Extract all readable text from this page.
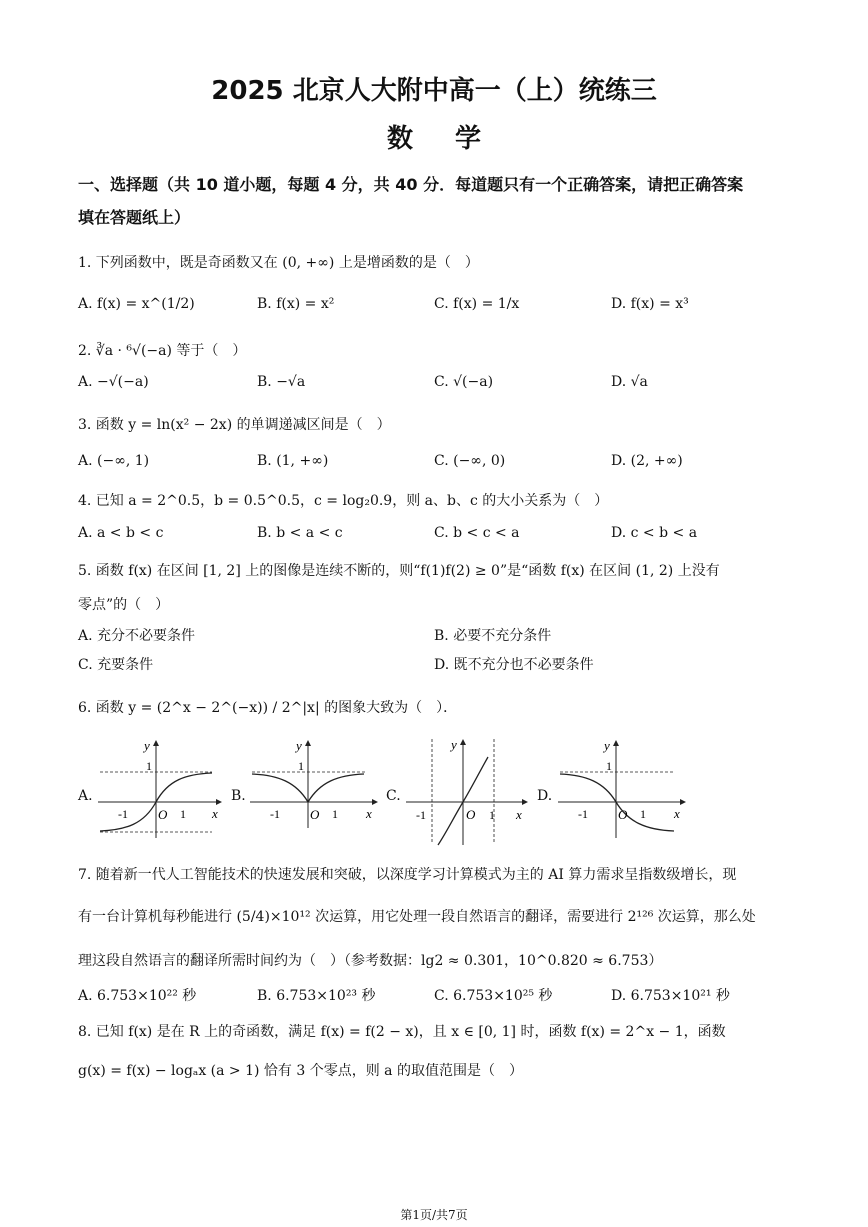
2025 北京人大附中高一（上）统练三
数学
一、选择题（共 10 道小题，每题 4 分，共 40 分．每道题只有一个正确答案，请把正确答案
填在答题纸上）
1. 下列函数中，既是奇函数又在 (0, +∞) 上是增函数的是（　）
A. f(x) = x^(1/2)	B. f(x) = x²	C. f(x) = 1/x	D. f(x) = x³
2. ∛a · ⁶√(−a) 等于（　）
A. −√(−a)	B. −√a	C. √(−a)	D. √a
3. 函数 y = ln(x² − 2x) 的单调递减区间是（　）
A. (−∞, 1)	B. (1, +∞)	C. (−∞, 0)	D. (2, +∞)
4. 已知 a = 2^0.5，b = 0.5^0.5，c = log₂0.9，则 a、b、c 的大小关系为（　）
A. a < b < c	B. b < a < c	C. b < c < a	D. c < b < a
5. 函数 f(x) 在区间 [1, 2] 上的图像是连续不断的，则“f(1)f(2) ≥ 0”是“函数 f(x) 在区间 (1, 2) 上没有
零点”的（　）
A. 充分不必要条件	B. 必要不充分条件
C. 充要条件	D. 既不充分也不必要条件
6. 函数 y = (2^x − 2^(−x)) / 2^|x| 的图象大致为（　）．
A.
y
1
-1 O 1 x
B.
y
1
-1 O 1 x
C.
y
-1	O 1 x
D.
y
1
-1 O 1 x
7. 随着新一代人工智能技术的快速发展和突破，以深度学习计算模式为主的 AI 算力需求呈指数级增长，现
有一台计算机每秒能进行 (5/4)×10¹² 次运算，用它处理一段自然语言的翻译，需要进行 2¹²⁶ 次运算，那么处
理这段自然语言的翻译所需时间约为（　）（参考数据：lg2 ≈ 0.301，10^0.820 ≈ 6.753）
A. 6.753×10²² 秒	B. 6.753×10²³ 秒	C. 6.753×10²⁵ 秒	D. 6.753×10²¹ 秒
8. 已知 f(x) 是在 R 上的奇函数，满足 f(x) = f(2 − x)，且 x ∈ [0, 1] 时，函数 f(x) = 2^x − 1，函数
g(x) = f(x) − logₐx (a > 1) 恰有 3 个零点，则 a 的取值范围是（　）
第1页/共7页
